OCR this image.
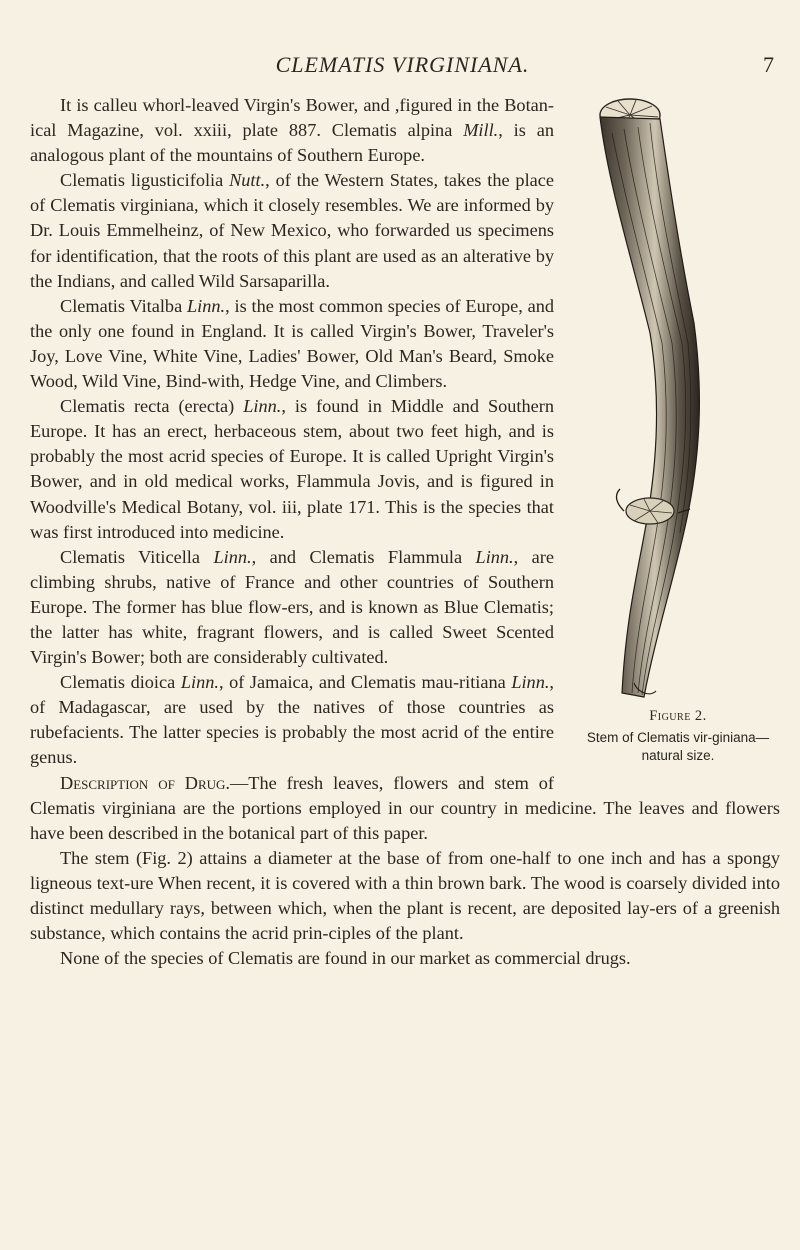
CLEMATIS VIRGINIANA.	7
Figure 2.
Stem of Clematis vir-giniana—natural size.

It is calleu whorl-leaved Virgin's Bower, and ,figured in the Botan-ical Magazine, vol. xxiii, plate 887. Clematis alpina Mill., is an analogous plant of the mountains of Southern Europe.

Clematis ligusticifolia Nutt., of the Western States, takes the place of Clematis virginiana, which it closely resembles. We are informed by Dr. Louis Emmelheinz, of New Mexico, who forwarded us specimens for identification, that the roots of this plant are used as an alterative by the Indians, and called Wild Sarsaparilla.

Clematis Vitalba Linn., is the most common species of Europe, and the only one found in England. It is called Virgin's Bower, Traveler's Joy, Love Vine, White Vine, Ladies' Bower, Old Man's Beard, Smoke Wood, Wild Vine, Bind-with, Hedge Vine, and Climbers.

Clematis recta (erecta) Linn., is found in Middle and Southern Europe. It has an erect, herbaceous stem, about two feet high, and is probably the most acrid species of Europe. It is called Upright Virgin's Bower, and in old medical works, Flammula Jovis, and is figured in Woodville's Medical Botany, vol. iii, plate 171. This is the species that was first introduced into medicine.

Clematis Viticella Linn., and Clematis Flammula Linn., are climbing shrubs, native of France and other countries of Southern Europe. The former has blue flow-ers, and is known as Blue Clematis; the latter has white, fragrant flowers, and is called Sweet Scented Virgin's Bower; both are considerably cultivated.

Clematis dioica Linn., of Jamaica, and Clematis mau-ritiana Linn., of Madagascar, are used by the natives of those countries as rubefacients. The latter species is probably the most acrid of the entire genus.

Description of Drug.—The fresh leaves, flowers and stem of Clematis virginiana are the portions employed in our country in medicine. The leaves and flowers have been described in the botanical part of this paper.

The stem (Fig. 2) attains a diameter at the base of from one-half to one inch and has a spongy ligneous text-ure When recent, it is covered with a thin brown bark. The wood is coarsely divided into distinct medullary rays, between which, when the plant is recent, are deposited lay-ers of a greenish substance, which contains the acrid prin-ciples of the plant.

None of the species of Clematis are found in our market as commercial drugs.
